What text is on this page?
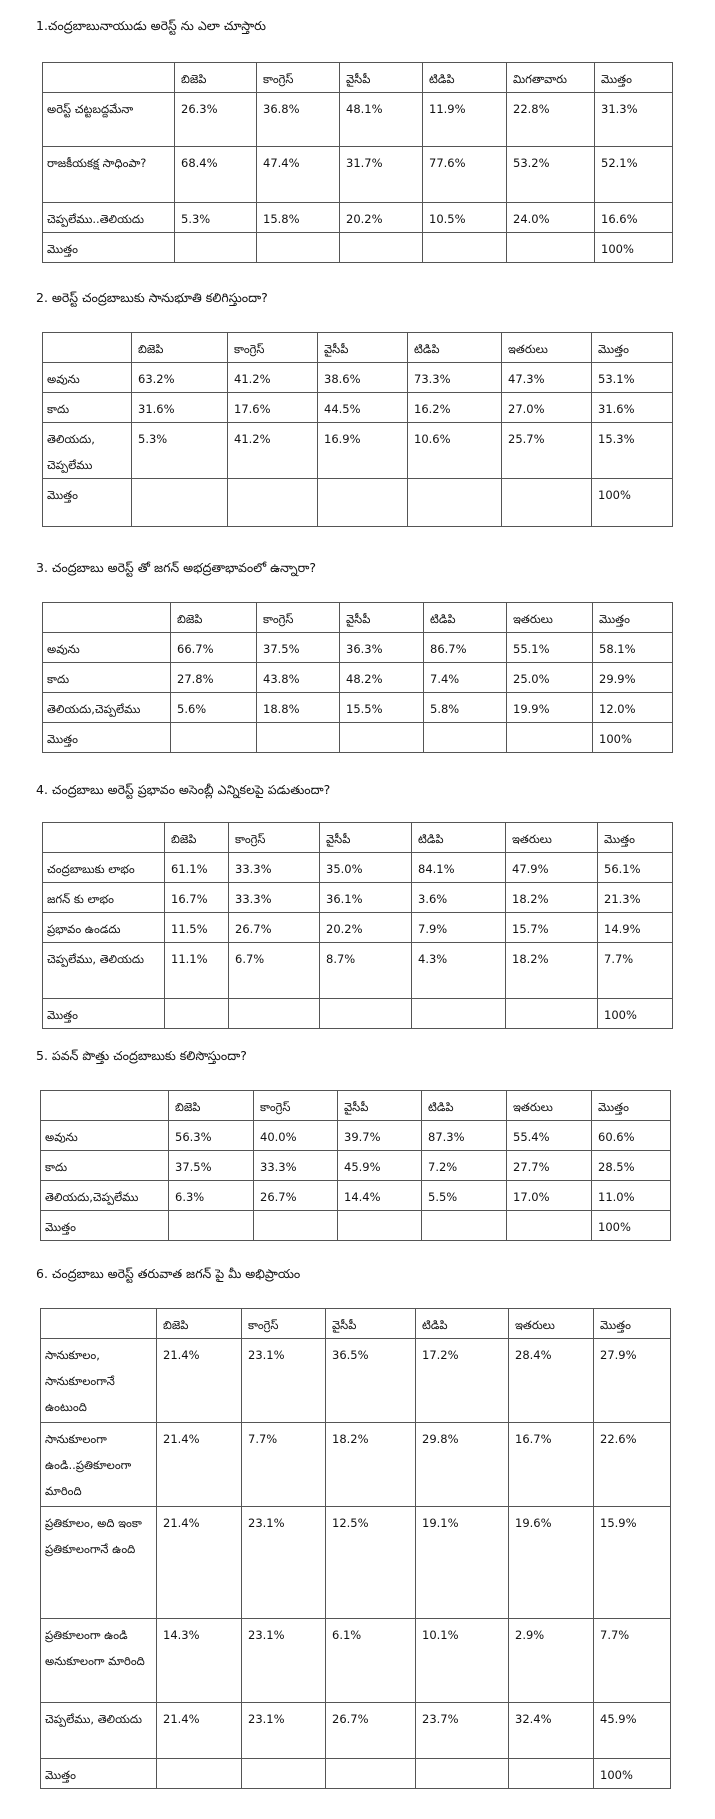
1.చంద్రబాబునాయుడు అరెస్ట్ ను ఎలా చూస్తారు
	బిజెపి	కాంగ్రెస్	వైసీపీ	టిడిపి	మిగతావారు	మొత్తం
అరెస్ట్ చట్టబద్దమేనా	26.3%	36.8%	48.1%	11.9%	22.8%	31.3%
రాజకీయకక్ష సాధింపా?	68.4%	47.4%	31.7%	77.6%	53.2%	52.1%
చెప్పలేము..తెలియదు	5.3%	15.8%	20.2%	10.5%	24.0%	16.6%
మొత్తం						100%
2. అరెస్ట్ చంద్రబాబుకు సానుభూతి కలిగిస్తుందా?
	బిజెపి	కాంగ్రెస్	వైసీపీ	టిడిపి	ఇతరులు	మొత్తం
అవును	63.2%	41.2%	38.6%	73.3%	47.3%	53.1%
కాదు	31.6%	17.6%	44.5%	16.2%	27.0%	31.6%
తెలియదు, చెప్పలేము	5.3%	41.2%	16.9%	10.6%	25.7%	15.3%
మొత్తం						100%
3. చంద్రబాబు అరెస్ట్ తో జగన్ అభద్రతాభావంలో ఉన్నారా?
	బిజెపి	కాంగ్రెస్	వైసీపీ	టిడిపి	ఇతరులు	మొత్తం
అవును	66.7%	37.5%	36.3%	86.7%	55.1%	58.1%
కాదు	27.8%	43.8%	48.2%	7.4%	25.0%	29.9%
తెలియదు,చెప్పలేము	5.6%	18.8%	15.5%	5.8%	19.9%	12.0%
మొత్తం						100%
4. చంద్రబాబు అరెస్ట్ ప్రభావం అసెంబ్లీ ఎన్నికలపై పడుతుందా?
	బిజెపి	కాంగ్రెస్	వైసీపీ	టిడిపి	ఇతరులు	మొత్తం
చంద్రబాబుకు లాభం	61.1%	33.3%	35.0%	84.1%	47.9%	56.1%
జగన్ కు లాభం	16.7%	33.3%	36.1%	3.6%	18.2%	21.3%
ప్రభావం ఉండదు	11.5%	26.7%	20.2%	7.9%	15.7%	14.9%
చెప్పలేము, తెలియదు	11.1%	6.7%	8.7%	4.3%	18.2%	7.7%
మొత్తం						100%
5. పవన్ పొత్తు చంద్రబాబుకు కలిసొస్తుందా?
	బిజెపి	కాంగ్రెస్	వైసీపీ	టిడిపి	ఇతరులు	మొత్తం
అవును	56.3%	40.0%	39.7%	87.3%	55.4%	60.6%
కాదు	37.5%	33.3%	45.9%	7.2%	27.7%	28.5%
తెలియదు,చెప్పలేము	6.3%	26.7%	14.4%	5.5%	17.0%	11.0%
మొత్తం						100%
6. చంద్రబాబు అరెస్ట్ తరువాత జగన్ పై మీ అభిప్రాయం
	బిజెపి	కాంగ్రెస్	వైసీపీ	టిడిపి	ఇతరులు	మొత్తం
సానుకూలం, సానుకూలంగానే ఉంటుంది	21.4%	23.1%	36.5%	17.2%	28.4%	27.9%
సానుకూలంగా ఉండి..ప్రతికూలంగా మారింది	21.4%	7.7%	18.2%	29.8%	16.7%	22.6%
ప్రతికూలం, అది ఇంకా ప్రతికూలంగానే ఉంది	21.4%	23.1%	12.5%	19.1%	19.6%	15.9%
ప్రతికూలంగా ఉండి అనుకూలంగా మారింది	14.3%	23.1%	6.1%	10.1%	2.9%	7.7%
చెప్పలేము, తెలియదు	21.4%	23.1%	26.7%	23.7%	32.4%	45.9%
మొత్తం						100%
